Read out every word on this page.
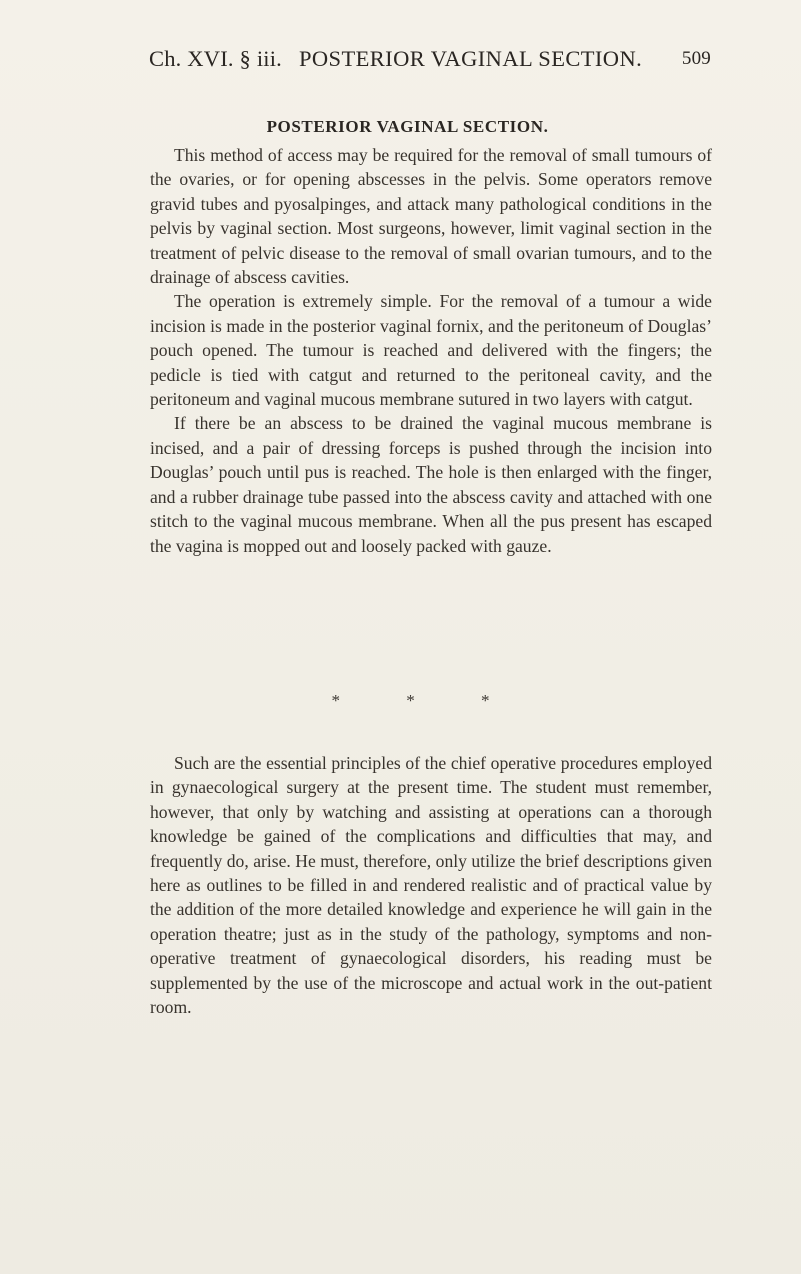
Ch. XVI. § iii. POSTERIOR VAGINAL SECTION. 509
POSTERIOR VAGINAL SECTION.

This method of access may be required for the removal of small tumours of the ovaries, or for opening abscesses in the pelvis. Some operators remove gravid tubes and pyosalpinges, and attack many pathological conditions in the pelvis by vaginal section. Most surgeons, however, limit vaginal section in the treatment of pelvic disease to the removal of small ovarian tumours, and to the drainage of abscess cavities.

The operation is extremely simple. For the removal of a tumour a wide incision is made in the posterior vaginal fornix, and the peritoneum of Douglas’ pouch opened. The tumour is reached and delivered with the fingers; the pedicle is tied with catgut and returned to the peritoneal cavity, and the peritoneum and vaginal mucous membrane sutured in two layers with catgut.

If there be an abscess to be drained the vaginal mucous membrane is incised, and a pair of dressing forceps is pushed through the incision into Douglas’ pouch until pus is reached. The hole is then enlarged with the finger, and a rubber drainage tube passed into the abscess cavity and attached with one stitch to the vaginal mucous membrane. When all the pus present has escaped the vagina is mopped out and loosely packed with gauze.

*	*	*

Such are the essential principles of the chief operative procedures employed in gynaecological surgery at the present time. The student must remember, however, that only by watching and assisting at operations can a thorough knowledge be gained of the complications and difficulties that may, and frequently do, arise. He must, therefore, only utilize the brief descriptions given here as outlines to be filled in and rendered realistic and of practical value by the addition of the more detailed knowledge and experience he will gain in the operation theatre; just as in the study of the pathology, symptoms and non-operative treatment of gynaecological disorders, his reading must be supplemented by the use of the microscope and actual work in the out-patient room.
